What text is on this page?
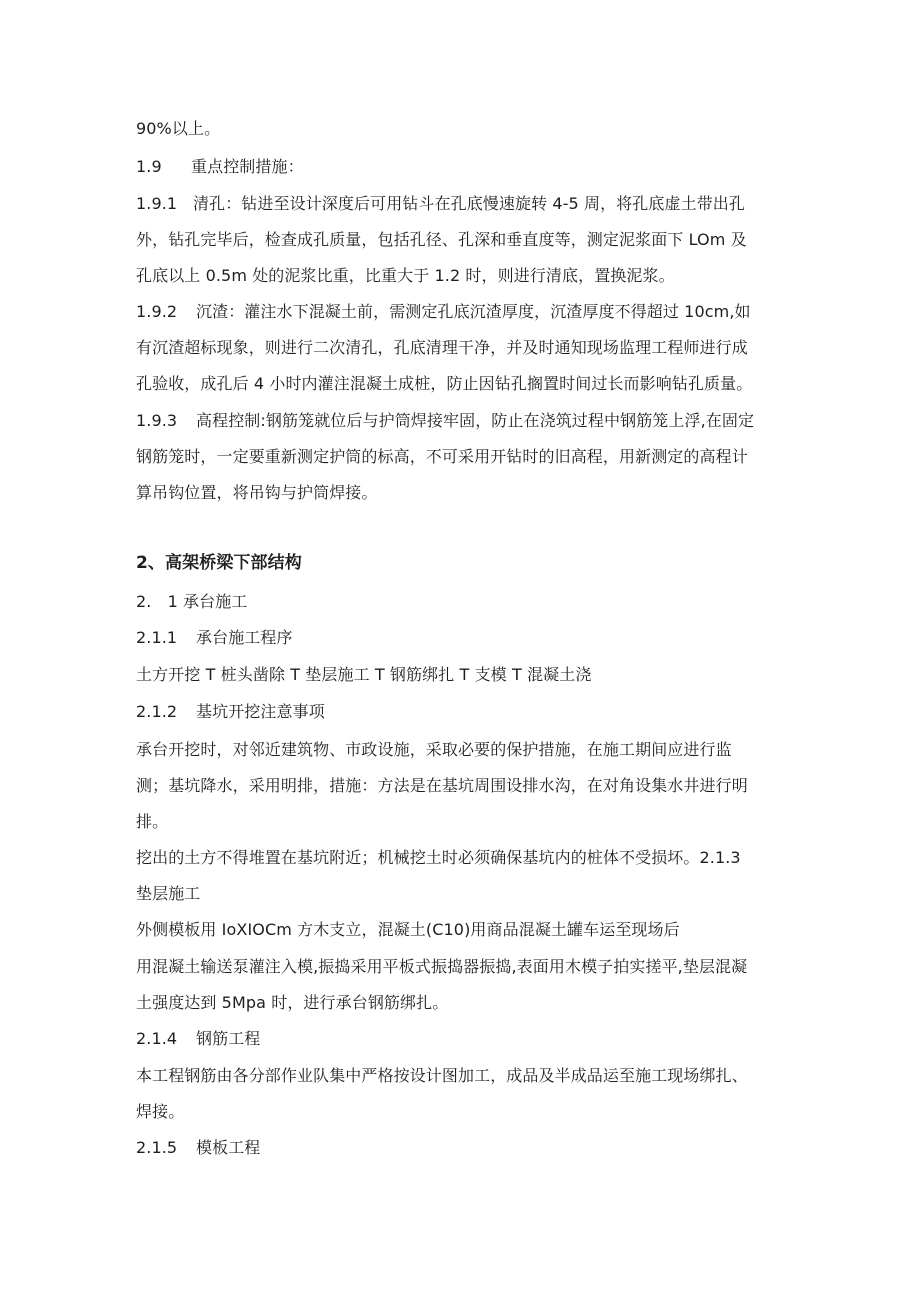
90%以上。
1.9 重点控制措施：
1.9.1 清孔：钻进至设计深度后可用钻斗在孔底慢速旋转 4-5 周，将孔底虚土带出孔
外，钻孔完毕后，检查成孔质量，包括孔径、孔深和垂直度等，测定泥浆面下 LOm 及
孔底以上 0.5m 处的泥浆比重，比重大于 1.2 时，则进行清底，置换泥浆。
1.9.2 沉渣：灌注水下混凝土前，需测定孔底沉渣厚度，沉渣厚度不得超过 10cm,如
有沉渣超标现象，则进行二次清孔，孔底清理干净，并及时通知现场监理工程师进行成
孔验收，成孔后 4 小时内灌注混凝土成桩，防止因钻孔搁置时间过长而影响钻孔质量。
1.9.3 高程控制:钢筋笼就位后与护筒焊接牢固，防止在浇筑过程中钢筋笼上浮,在固定
钢筋笼时，一定要重新测定护筒的标高，不可采用开钻时的旧高程，用新测定的高程计
算吊钩位置，将吊钩与护筒焊接。
2、高架桥梁下部结构
2.　1 承台施工
2.1.1 承台施工程序
土方开挖 T 桩头凿除 T 垫层施工 T 钢筋绑扎 T 支模 T 混凝土浇
2.1.2 基坑开挖注意事项
承台开挖时，对邻近建筑物、市政设施，采取必要的保护措施，在施工期间应进行监
测；基坑降水，采用明排，措施：方法是在基坑周围设排水沟，在对角设集水井进行明
排。
挖出的土方不得堆置在基坑附近；机械挖土时必须确保基坑内的桩体不受损坏。2.1.3
垫层施工
外侧模板用 IoXIOCm 方木支立，混凝土(C10)用商品混凝土罐车运至现场后
用混凝土输送泵灌注入模,振捣采用平板式振捣器振捣,表面用木模子拍实搓平,垫层混凝
土强度达到 5Mpa 时，进行承台钢筋绑扎。
2.1.4 钢筋工程
本工程钢筋由各分部作业队集中严格按设计图加工，成品及半成品运至施工现场绑扎、
焊接。
2.1.5 模板工程
